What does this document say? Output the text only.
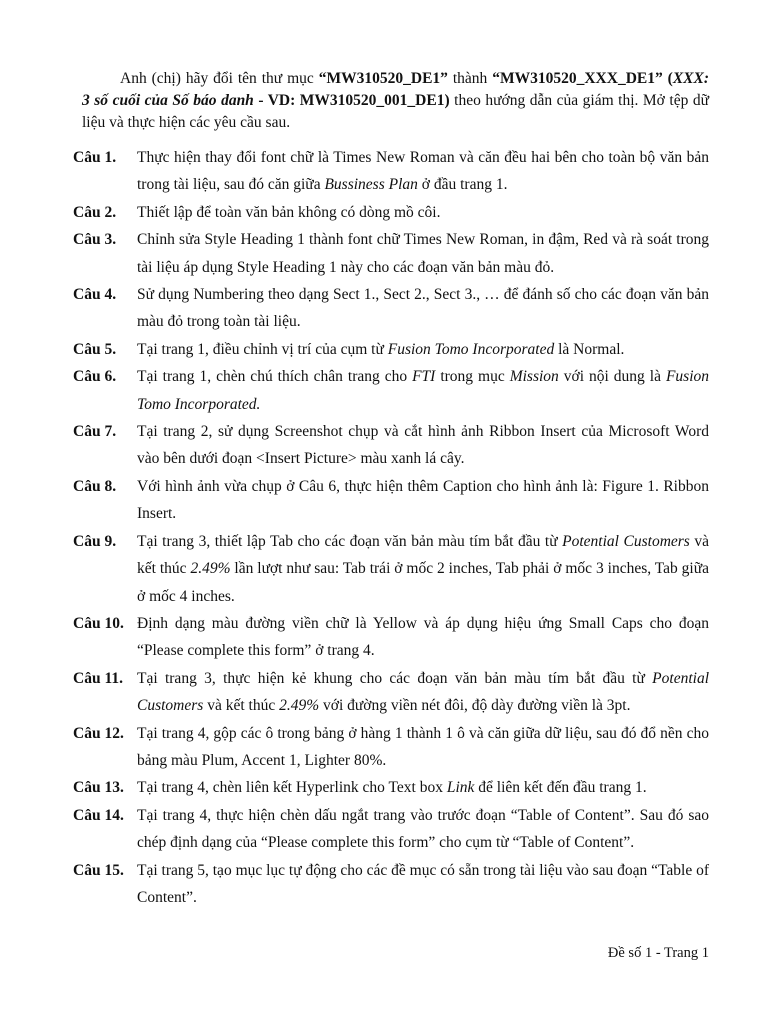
Anh (chị) hãy đổi tên thư mục “MW310520_DE1” thành “MW310520_XXX_DE1” (XXX: 3 số cuối của Số báo danh - VD: MW310520_001_DE1) theo hướng dẫn của giám thị. Mở tệp dữ liệu và thực hiện các yêu cầu sau.

Câu 1.	Thực hiện thay đổi font chữ là Times New Roman và căn đều hai bên cho toàn bộ văn bản trong tài liệu, sau đó căn giữa Bussiness Plan ở đầu trang 1.
Câu 2.	Thiết lập để toàn văn bản không có dòng mồ côi.
Câu 3.	Chỉnh sửa Style Heading 1 thành font chữ Times New Roman, in đậm, Red và rà soát trong tài liệu áp dụng Style Heading 1 này cho các đoạn văn bản màu đỏ.
Câu 4.	Sử dụng Numbering theo dạng Sect 1., Sect 2., Sect 3., … để đánh số cho các đoạn văn bản màu đỏ trong toàn tài liệu.
Câu 5.	Tại trang 1, điều chỉnh vị trí của cụm từ Fusion Tomo Incorporated là Normal.
Câu 6.	Tại trang 1, chèn chú thích chân trang cho FTI trong mục Mission với nội dung là Fusion Tomo Incorporated.
Câu 7.	Tại trang 2, sử dụng Screenshot chụp và cắt hình ảnh Ribbon Insert của Microsoft Word vào bên dưới đoạn <Insert Picture> màu xanh lá cây.
Câu 8.	Với hình ảnh vừa chụp ở Câu 6, thực hiện thêm Caption cho hình ảnh là: Figure 1. Ribbon Insert.
Câu 9.	Tại trang 3, thiết lập Tab cho các đoạn văn bản màu tím bắt đầu từ Potential Customers và kết thúc 2.49% lần lượt như sau: Tab trái ở mốc 2 inches, Tab phải ở mốc 3 inches, Tab giữa ở mốc 4 inches.
Câu 10. Định dạng màu đường viền chữ là Yellow và áp dụng hiệu ứng Small Caps cho đoạn “Please complete this form” ở trang 4.
Câu 11. Tại trang 3, thực hiện kẻ khung cho các đoạn văn bản màu tím bắt đầu từ Potential Customers và kết thúc 2.49% với đường viền nét đôi, độ dày đường viền là 3pt.
Câu 12. Tại trang 4, gộp các ô trong bảng ở hàng 1 thành 1 ô và căn giữa dữ liệu, sau đó đổ nền cho bảng màu Plum, Accent 1, Lighter 80%.
Câu 13. Tại trang 4, chèn liên kết Hyperlink cho Text box Link để liên kết đến đầu trang 1.
Câu 14. Tại trang 4, thực hiện chèn dấu ngắt trang vào trước đoạn “Table of Content”. Sau đó sao chép định dạng của “Please complete this form” cho cụm từ “Table of Content”.
Câu 15. Tại trang 5, tạo mục lục tự động cho các đề mục có sẵn trong tài liệu vào sau đoạn “Table of Content”.
Đề số 1 - Trang 1
